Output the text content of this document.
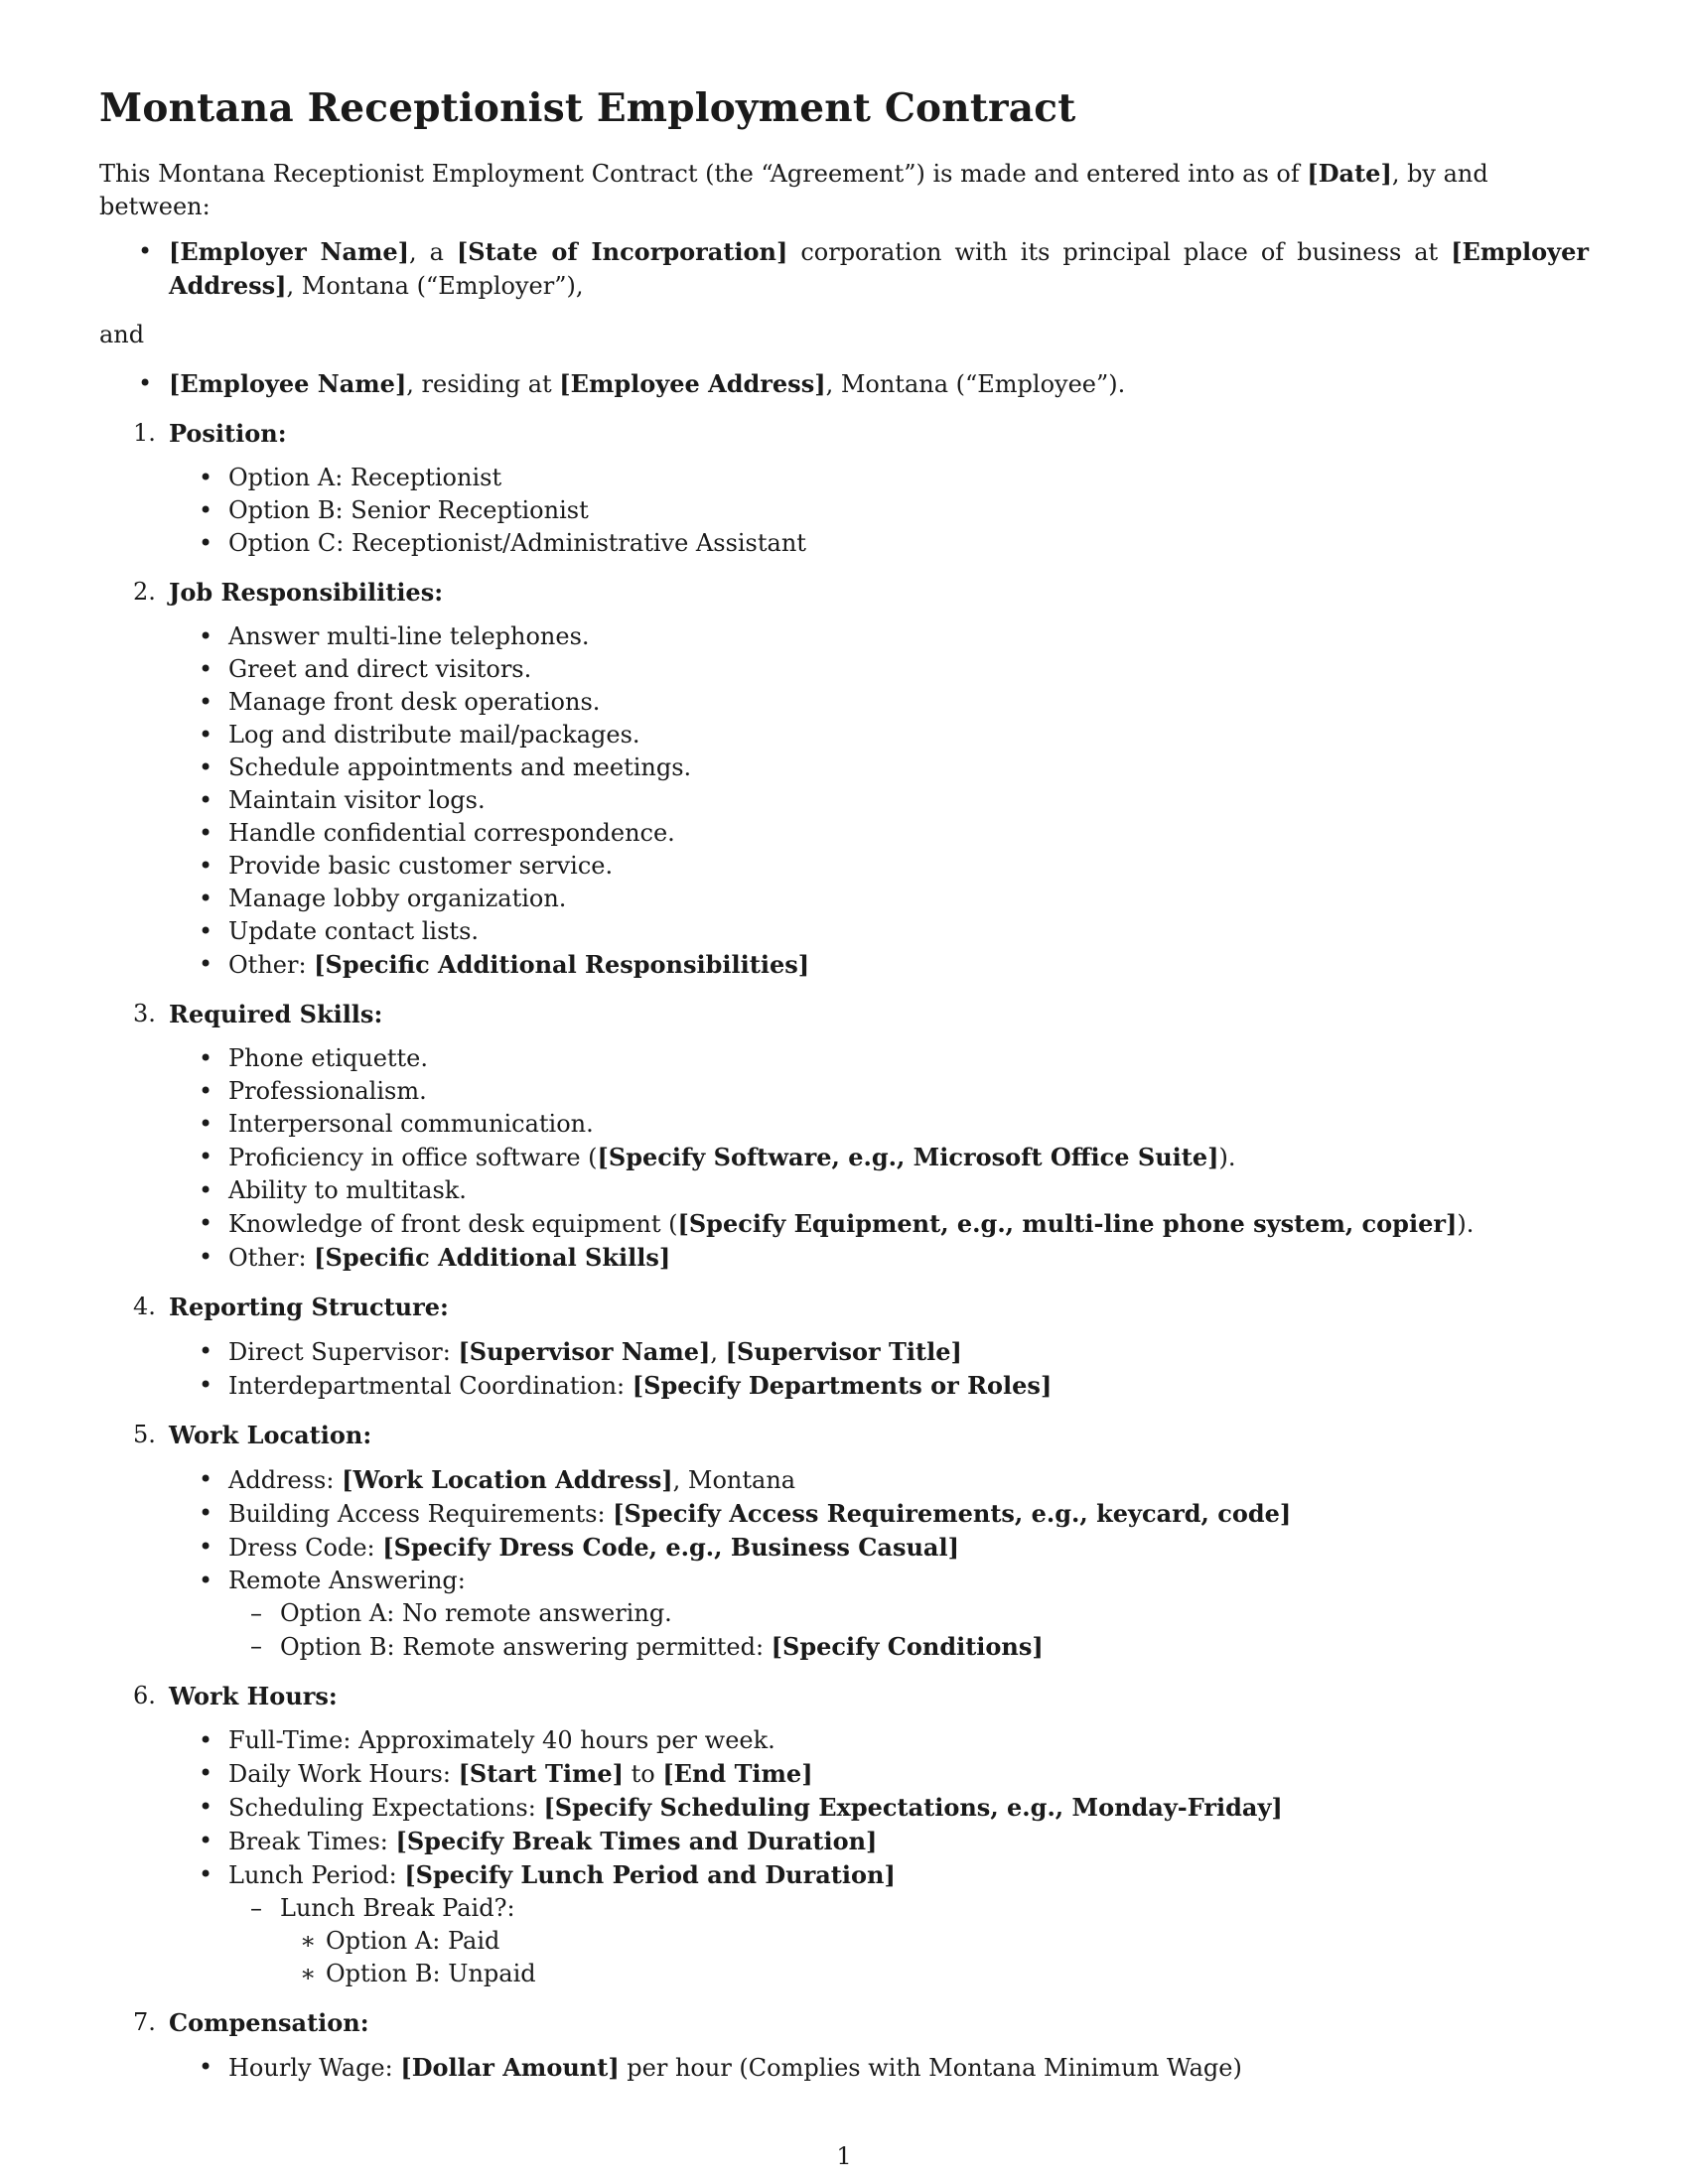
Montana Receptionist Employment Contract

This Montana Receptionist Employment Contract (the “Agreement”) is made and entered into as of [Date], by and between:

• [Employer Name], a [State of Incorporation] corporation with its principal place of business at [Employer Address], Montana (“Employer”),
and
• [Employee Name], residing at [Employee Address], Montana (“Employee”).
1. Position:
• Option A: Receptionist
• Option B: Senior Receptionist
• Option C: Receptionist/Administrative Assistant
2. Job Responsibilities:
• Answer multi-line telephones.
• Greet and direct visitors.
• Manage front desk operations.
• Log and distribute mail/packages.
• Schedule appointments and meetings.
• Maintain visitor logs.
• Handle confidential correspondence.
• Provide basic customer service.
• Manage lobby organization.
• Update contact lists.
• Other: [Specific Additional Responsibilities]
3. Required Skills:
• Phone etiquette.
• Professionalism.
• Interpersonal communication.
• Proficiency in office software ([Specify Software, e.g., Microsoft Office Suite]).
• Ability to multitask.
• Knowledge of front desk equipment ([Specify Equipment, e.g., multi-line phone system, copier]).
• Other: [Specific Additional Skills]
4. Reporting Structure:
• Direct Supervisor: [Supervisor Name], [Supervisor Title]
• Interdepartmental Coordination: [Specify Departments or Roles]
5. Work Location:
• Address: [Work Location Address], Montana
• Building Access Requirements: [Specify Access Requirements, e.g., keycard, code]
• Dress Code: [Specify Dress Code, e.g., Business Casual]
• Remote Answering:
– Option A: No remote answering.
– Option B: Remote answering permitted: [Specify Conditions]
6. Work Hours:
• Full-Time: Approximately 40 hours per week.
• Daily Work Hours: [Start Time] to [End Time]
• Scheduling Expectations: [Specify Scheduling Expectations, e.g., Monday-Friday]
• Break Times: [Specify Break Times and Duration]
• Lunch Period: [Specify Lunch Period and Duration]
– Lunch Break Paid?:
∗ Option A: Paid
∗ Option B: Unpaid
7. Compensation:
• Hourly Wage: [Dollar Amount] per hour (Complies with Montana Minimum Wage)
1
